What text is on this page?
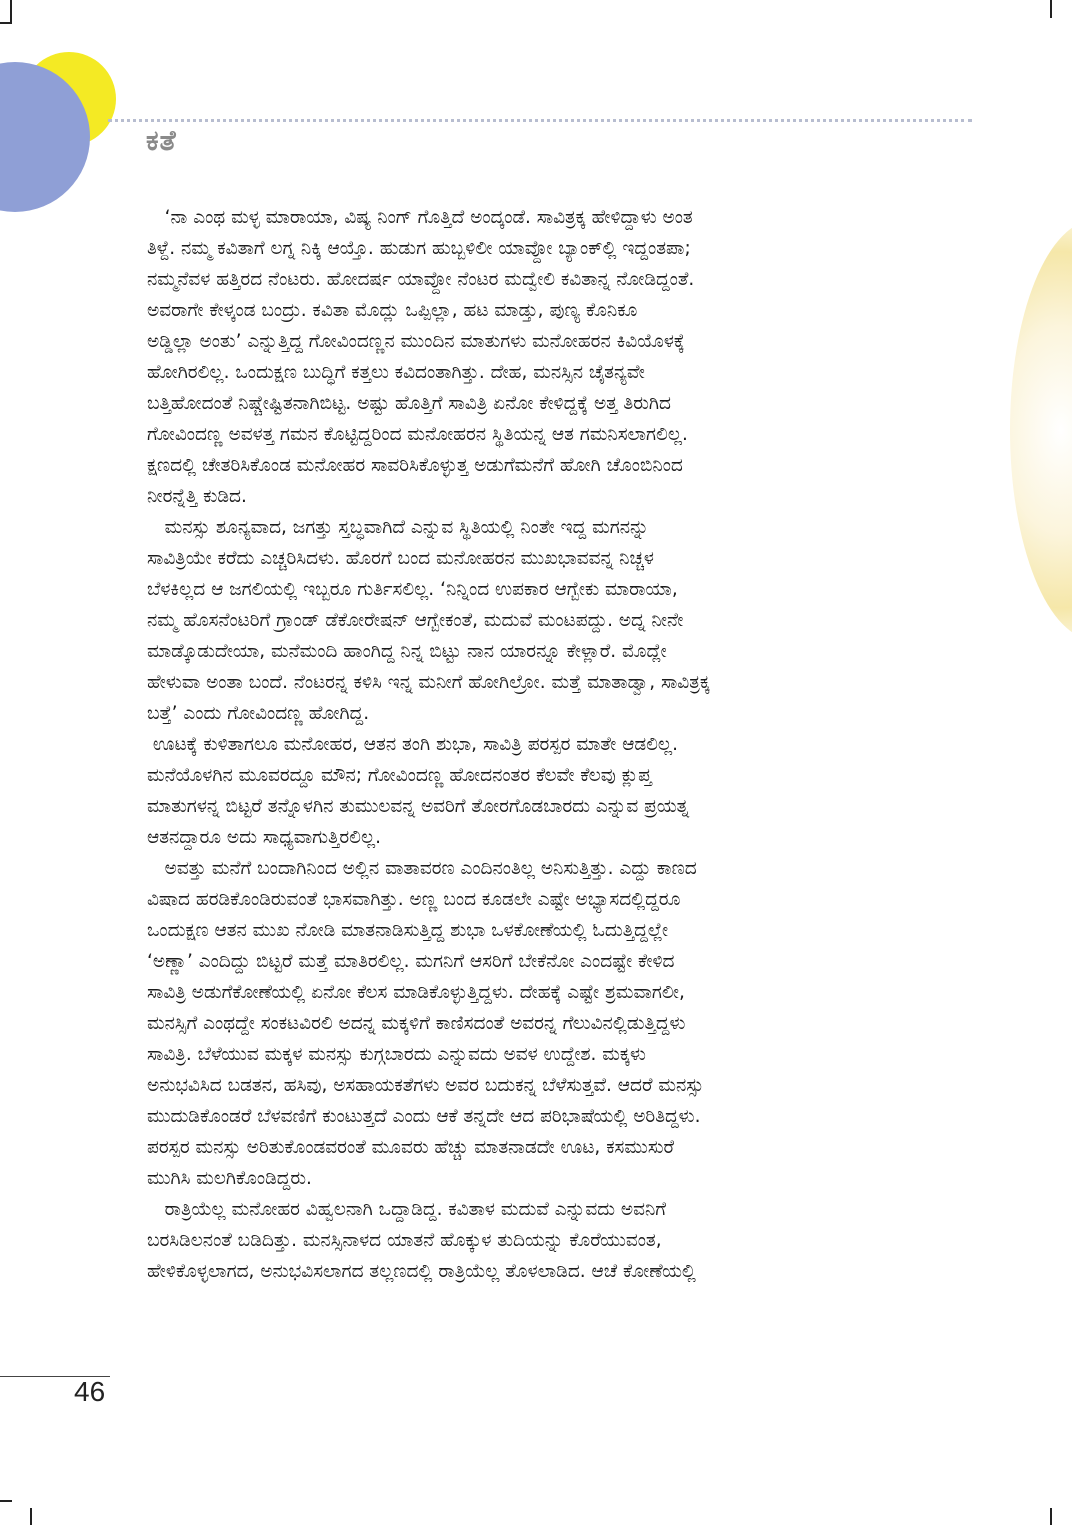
ಕತೆ

‘ನಾ ಎಂಥ ಮಳ್ಳ ಮಾರಾಯಾ, ವಿಷ್ಯ ನಿಂಗ್ ಗೊತ್ತಿದೆ ಅಂದ್ಕಂಡೆ. ಸಾವಿತ್ರಕ್ಕ ಹೇಳಿದ್ದಾಳು ಅಂತ

ತಿಳ್ದೆ. ನಮ್ಮ ಕವಿತಾಗೆ ಲಗ್ನ ನಿಕ್ಕಿ ಆಯ್ತೊ. ಹುಡುಗ ಹುಬ್ಬಳಿಲೀ ಯಾವ್ದೋ ಬ್ಯಾಂಕ್‌ಲ್ಲಿ ಇದ್ದಂತಪಾ;

ನಮ್ಮನೆವಳ ಹತ್ತಿರದ ನೆಂಟರು. ಹೋದರ್ಷ ಯಾವ್ದೋ ನೆಂಟರ ಮದ್ವೇಲಿ ಕವಿತಾನ್ನ ನೋಡಿದ್ದಂತೆ.

ಅವರಾಗೇ ಕೇಳ್ಕಂಡ ಬಂದ್ರು. ಕವಿತಾ ಮೊದ್ಲು ಒಪ್ಪಿಲ್ಲಾ, ಹಟ ಮಾಡ್ತು, ಪುಣ್ಯ ಕೊನಿಕೂ

ಅಡ್ಡಿಲ್ಲಾ ಅಂತು’ ಎನ್ನುತ್ತಿದ್ದ ಗೋವಿಂದಣ್ಣನ ಮುಂದಿನ ಮಾತುಗಳು ಮನೋಹರನ ಕಿವಿಯೊಳಕ್ಕೆ

ಹೋಗಿರಲಿಲ್ಲ. ಒಂದುಕ್ಷಣ ಬುದ್ಧಿಗೆ ಕತ್ತಲು ಕವಿದಂತಾಗಿತ್ತು. ದೇಹ, ಮನಸ್ಸಿನ ಚೈತನ್ಯವೇ

ಬತ್ತಿಹೋದಂತೆ ನಿಷ್ಚೇಷ್ಟಿತನಾಗಿಬಿಟ್ಟ. ಅಷ್ಟು ಹೊತ್ತಿಗೆ ಸಾವಿತ್ರಿ ಏನೋ ಕೇಳಿದ್ದಕ್ಕೆ ಅತ್ತ ತಿರುಗಿದ

ಗೋವಿಂದಣ್ಣ ಅವಳತ್ತ ಗಮನ ಕೊಟ್ಟಿದ್ದರಿಂದ ಮನೋಹರನ ಸ್ಥಿತಿಯನ್ನ ಆತ ಗಮನಿಸಲಾಗಲಿಲ್ಲ.

ಕ್ಷಣದಲ್ಲಿ ಚೇತರಿಸಿಕೊಂಡ ಮನೋಹರ ಸಾವರಿಸಿಕೊಳ್ಳುತ್ತ ಅಡುಗೆಮನೆಗೆ ಹೋಗಿ ಚೊಂಬಿನಿಂದ

ನೀರನ್ನೆತ್ತಿ ಕುಡಿದ.

ಮನಸ್ಸು ಶೂನ್ಯವಾದ, ಜಗತ್ತು ಸ್ತಬ್ಧವಾಗಿದೆ ಎನ್ನುವ ಸ್ಥಿತಿಯಲ್ಲಿ ನಿಂತೇ ಇದ್ದ ಮಗನನ್ನು

ಸಾವಿತ್ರಿಯೇ ಕರೆದು ಎಚ್ಚರಿಸಿದಳು. ಹೊರಗೆ ಬಂದ ಮನೋಹರನ ಮುಖಭಾವವನ್ನ ನಿಚ್ಚಳ

ಬೆಳಕಿಲ್ಲದ ಆ ಜಗಲಿಯಲ್ಲಿ ಇಬ್ಬರೂ ಗುರ್ತಿಸಲಿಲ್ಲ. ‘ನಿನ್ನಿಂದ ಉಪಕಾರ ಆಗ್ಬೇಕು ಮಾರಾಯಾ,

ನಮ್ಮ ಹೊಸನೆಂಟರಿಗೆ ಗ್ರಾಂಡ್ ಡೆಕೋರೇಷನ್ ಆಗ್ಬೇಕಂತೆ, ಮದುವೆ ಮಂಟಪದ್ದು. ಅದ್ನ ನೀನೇ

ಮಾಡ್ಕೊಡುದೇಯಾ, ಮನೆಮಂದಿ ಹಾಂಗಿದ್ದ ನಿನ್ನ ಬಿಟ್ಟು ನಾನ ಯಾರನ್ನೂ ಕೇಳ್ಲಾರೆ. ಮೊದ್ಲೇ

ಹೇಳುವಾ ಅಂತಾ ಬಂದೆ. ನೆಂಟರನ್ನ ಕಳಿಸಿ ಇನ್ನ ಮನೀಗೆ ಹೋಗಿಲ್ರೋ. ಮತ್ತೆ ಮಾತಾಡ್ವಾ, ಸಾವಿತ್ರಕ್ಕ

ಬತ್ತೆ’ ಎಂದು ಗೋವಿಂದಣ್ಣ ಹೋಗಿದ್ದ.

ಊಟಕ್ಕೆ ಕುಳಿತಾಗಲೂ ಮನೋಹರ, ಆತನ ತಂಗಿ ಶುಭಾ, ಸಾವಿತ್ರಿ ಪರಸ್ಪರ ಮಾತೇ ಆಡಲಿಲ್ಲ.

ಮನೆಯೊಳಗಿನ ಮೂವರದ್ದೂ ಮೌನ; ಗೋವಿಂದಣ್ಣ ಹೋದನಂತರ ಕೆಲವೇ ಕೆಲವು ಕ್ಲುಪ್ತ

ಮಾತುಗಳನ್ನ ಬಿಟ್ಟರೆ ತನ್ನೊಳಗಿನ ತುಮುಲವನ್ನ ಅವರಿಗೆ ತೋರಗೊಡಬಾರದು ಎನ್ನುವ ಪ್ರಯತ್ನ

ಆತನದ್ದಾರೂ ಅದು ಸಾಧ್ಯವಾಗುತ್ತಿರಲಿಲ್ಲ.

ಅವತ್ತು ಮನೆಗೆ ಬಂದಾಗಿನಿಂದ ಅಲ್ಲಿನ ವಾತಾವರಣ ಎಂದಿನಂತಿಲ್ಲ ಅನಿಸುತ್ತಿತ್ತು. ಎದ್ದು ಕಾಣದ

ವಿಷಾದ ಹರಡಿಕೊಂಡಿರುವಂತೆ ಭಾಸವಾಗಿತ್ತು. ಅಣ್ಣ ಬಂದ ಕೂಡಲೇ ಎಷ್ಟೇ ಅಭ್ಯಾಸದಲ್ಲಿದ್ದರೂ

ಒಂದುಕ್ಷಣ ಆತನ ಮುಖ ನೋಡಿ ಮಾತನಾಡಿಸುತ್ತಿದ್ದ ಶುಭಾ ಒಳಕೋಣೆಯಲ್ಲಿ ಓದುತ್ತಿದ್ದಲ್ಲೇ

‘ಅಣ್ಣಾ’ ಎಂದಿದ್ದು ಬಿಟ್ಟರೆ ಮತ್ತೆ ಮಾತಿರಲಿಲ್ಲ. ಮಗನಿಗೆ ಆಸರಿಗೆ ಬೇಕೆನೋ ಎಂದಷ್ಟೇ ಕೇಳಿದ

ಸಾವಿತ್ರಿ ಅಡುಗೆಕೋಣೆಯಲ್ಲಿ ಏನೋ ಕೆಲಸ ಮಾಡಿಕೊಳ್ಳುತ್ತಿದ್ದಳು. ದೇಹಕ್ಕೆ ಎಷ್ಟೇ ಶ್ರಮವಾಗಲೀ,

ಮನಸ್ಸಿಗೆ ಎಂಥದ್ದೇ ಸಂಕಟವಿರಲಿ ಅದನ್ನ ಮಕ್ಕಳಿಗೆ ಕಾಣಿಸದಂತೆ ಅವರನ್ನ ಗೆಲುವಿನಲ್ಲಿಡುತ್ತಿದ್ದಳು

ಸಾವಿತ್ರಿ. ಬೆಳೆಯುವ ಮಕ್ಕಳ ಮನಸ್ಸು ಕುಗ್ಗಬಾರದು ಎನ್ನುವದು ಅವಳ ಉದ್ದೇಶ. ಮಕ್ಕಳು

ಅನುಭವಿಸಿದ ಬಡತನ, ಹಸಿವು, ಅಸಹಾಯಕತೆಗಳು ಅವರ ಬದುಕನ್ನ ಬೆಳೆಸುತ್ತವೆ. ಆದರೆ ಮನಸ್ಸು

ಮುದುಡಿಕೊಂಡರೆ ಬೆಳವಣಿಗೆ ಕುಂಟುತ್ತದೆ ಎಂದು ಆಕೆ ತನ್ನದೇ ಆದ ಪರಿಭಾಷೆಯಲ್ಲಿ ಅರಿತಿದ್ದಳು.

ಪರಸ್ಪರ ಮನಸ್ಸು ಅರಿತುಕೊಂಡವರಂತೆ ಮೂವರು ಹೆಚ್ಚು ಮಾತನಾಡದೇ ಊಟ, ಕಸಮುಸುರೆ

ಮುಗಿಸಿ ಮಲಗಿಕೊಂಡಿದ್ದರು.

ರಾತ್ರಿಯೆಲ್ಲ ಮನೋಹರ ವಿಹ್ವಲನಾಗಿ ಒದ್ದಾಡಿದ್ದ. ಕವಿತಾಳ ಮದುವೆ ಎನ್ನುವದು ಅವನಿಗೆ

ಬರಸಿಡಿಲನಂತೆ ಬಡಿದಿತ್ತು. ಮನಸ್ಸಿನಾಳದ ಯಾತನೆ ಹೊಕ್ಕುಳ ತುದಿಯನ್ನು ಕೊರೆಯುವಂತ,

ಹೇಳಿಕೊಳ್ಳಲಾಗದ, ಅನುಭವಿಸಲಾಗದ ತಲ್ಲಣದಲ್ಲಿ ರಾತ್ರಿಯೆಲ್ಲ ತೊಳಲಾಡಿದ. ಆಚೆ ಕೋಣೆಯಲ್ಲಿ

46
